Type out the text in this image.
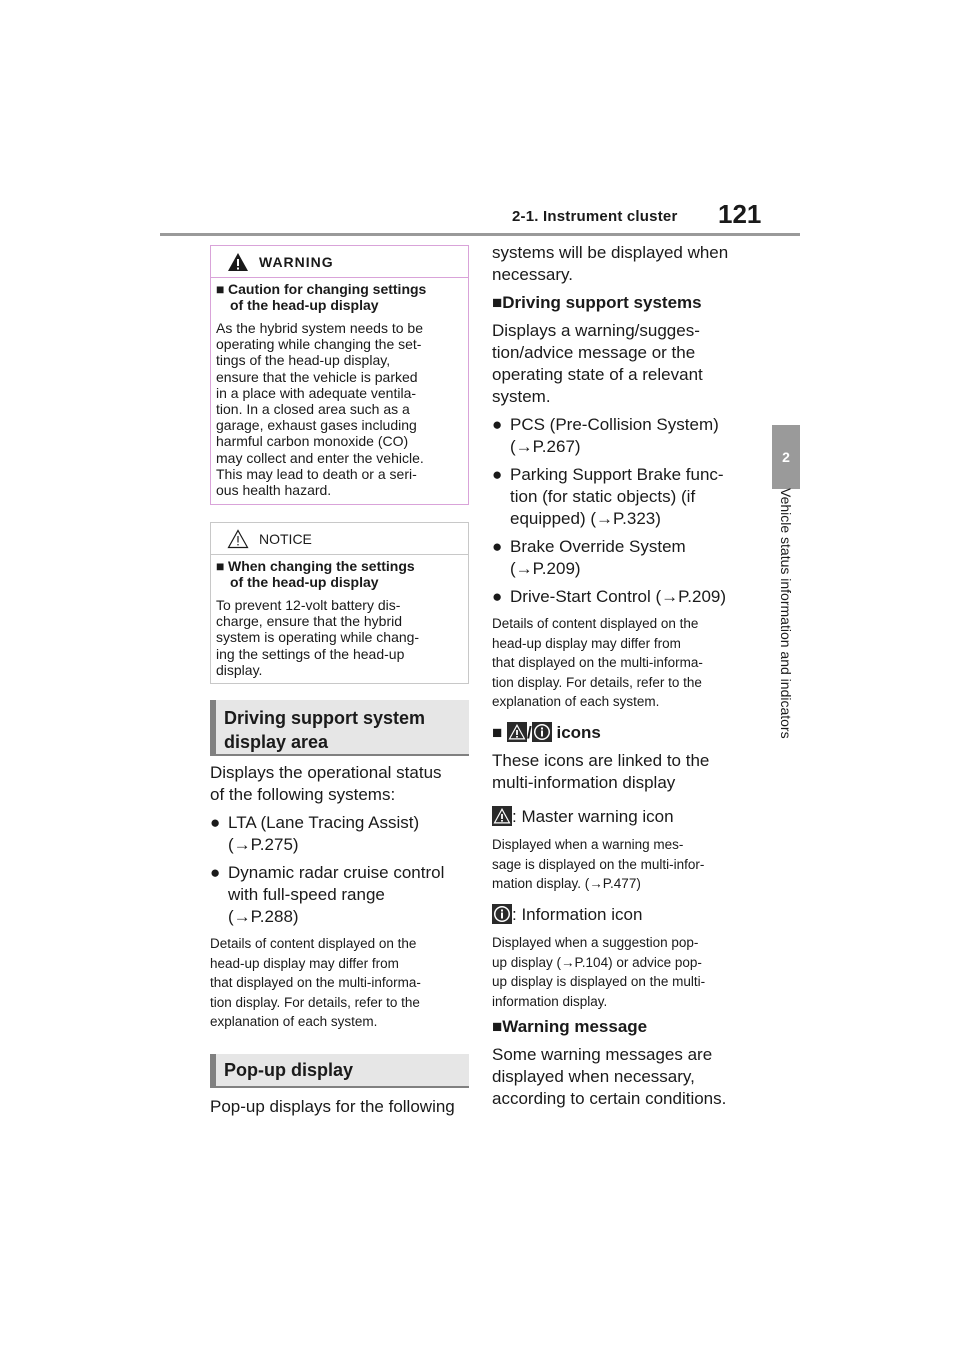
2-1. Instrument cluster 121
2
Vehicle status information and indicators
WARNING
■ Caution for changing settings
of the head-up display
As the hybrid system needs to be
operating while changing the set-
tings of the head-up display,
ensure that the vehicle is parked
in a place with adequate ventila-
tion. In a closed area such as a
garage, exhaust gases including
harmful carbon monoxide (CO)
may collect and enter the vehicle.
This may lead to death or a seri-
ous health hazard.
NOTICE
■ When changing the settings
of the head-up display
To prevent 12-volt battery dis-
charge, ensure that the hybrid
system is operating while chang-
ing the settings of the head-up
display.
Driving support system
display area
Displays the operational status
of the following systems:
● LTA (Lane Tracing Assist)
(→P.275)
● Dynamic radar cruise control
with full-speed range
(→P.288)
Details of content displayed on the
head-up display may differ from
that displayed on the multi-informa-
tion display. For details, refer to the
explanation of each system.
Pop-up display
Pop-up displays for the following
systems will be displayed when
necessary.
■Driving support systems
Displays a warning/sugges-
tion/advice message or the
operating state of a relevant
system.
● PCS (Pre-Collision System)
(→P.267)
● Parking Support Brake func-
tion (for static objects) (if
equipped) (→P.323)
● Brake Override System
(→P.209)
● Drive-Start Control (→P.209)
Details of content displayed on the
head-up display may differ from
that displayed on the multi-informa-
tion display. For details, refer to the
explanation of each system.
■ / icons
These icons are linked to the
multi-information display
: Master warning icon
Displayed when a warning mes-
sage is displayed on the multi-infor-
mation display. (→P.477)
: Information icon
Displayed when a suggestion pop-
up display (→P.104) or advice pop-
up display is displayed on the multi-
information display.
■Warning message
Some warning messages are
displayed when necessary,
according to certain conditions.
